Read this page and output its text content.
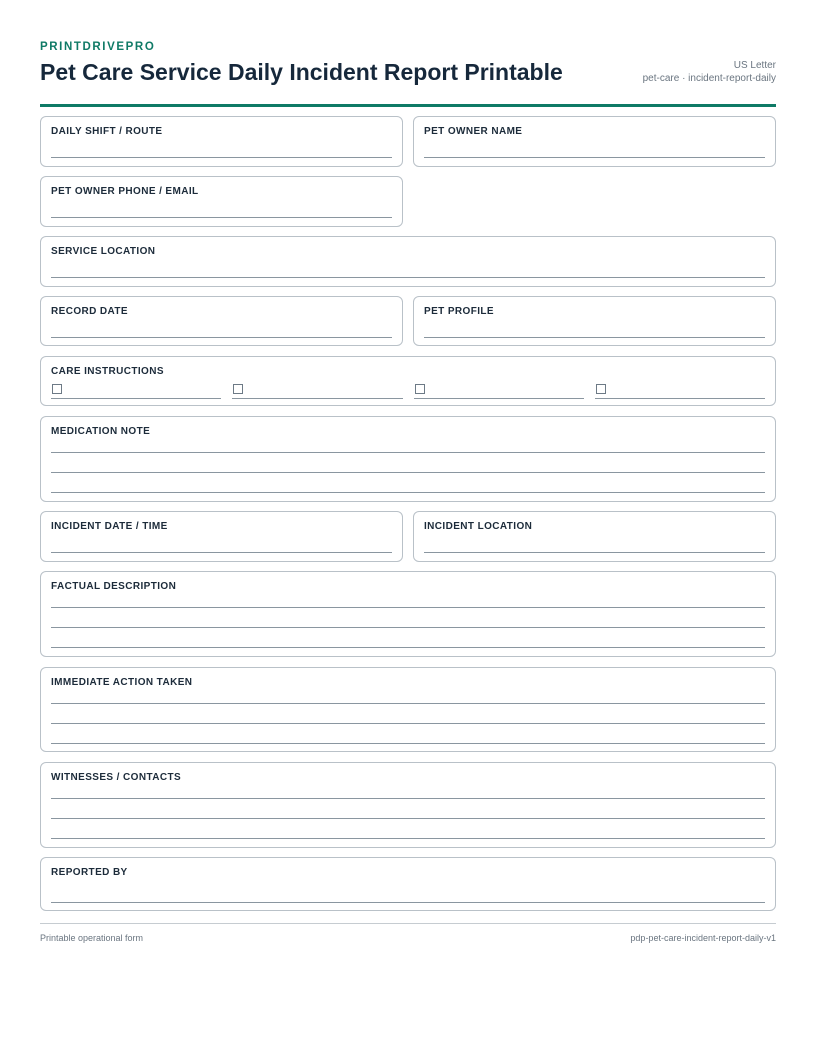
PRINTDRIVEPRO
Pet Care Service Daily Incident Report Printable	US Letter
pet-care · incident-report-daily
DAILY SHIFT / ROUTE	PET OWNER NAME
PET OWNER PHONE / EMAIL
SERVICE LOCATION
RECORD DATE	PET PROFILE
CARE INSTRUCTIONS
MEDICATION NOTE
INCIDENT DATE / TIME	INCIDENT LOCATION
FACTUAL DESCRIPTION
IMMEDIATE ACTION TAKEN
WITNESSES / CONTACTS
REPORTED BY
Printable operational form	pdp-pet-care-incident-report-daily-v1
